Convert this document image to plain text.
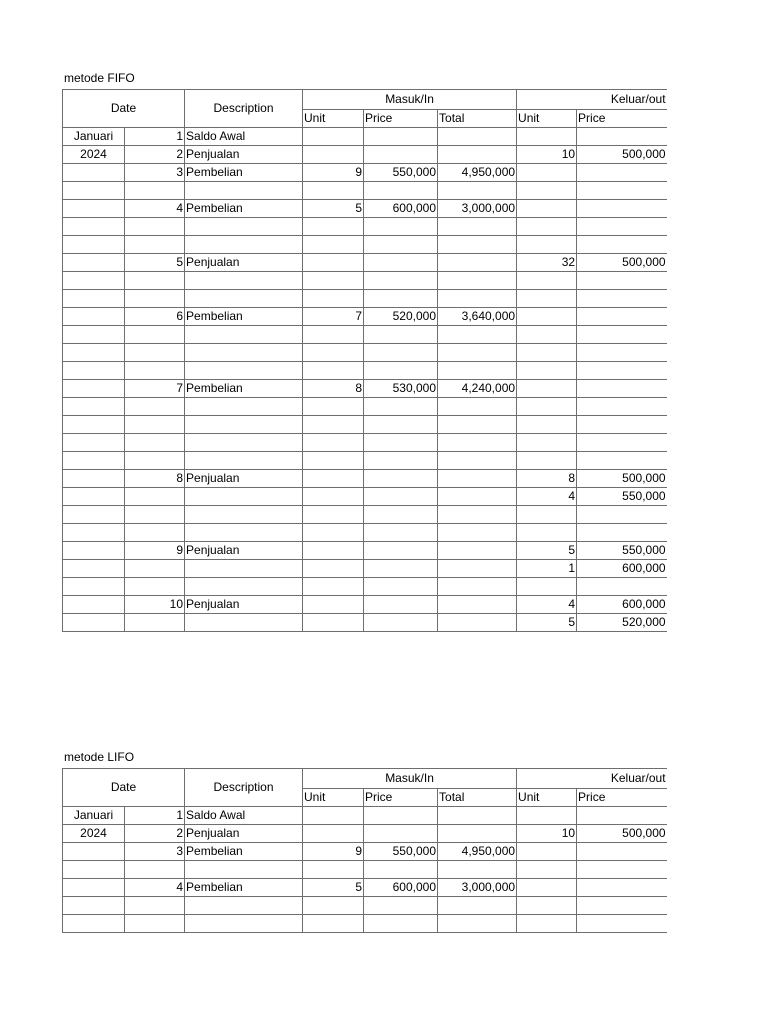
metode FIFO
Date		Description	Masuk/In			Keluar/out	
			Unit	Price	Total	Unit	Price
Januari	1	Saldo Awal					
2024	2	Penjualan				10	500,000
	3	Pembelian	9	550,000	4,950,000		

	4	Pembelian	5	600,000	3,000,000		

	5	Penjualan				32	500,000

	6	Pembelian	7	520,000	3,640,000		

	7	Pembelian	8	530,000	4,240,000		

	8	Penjualan				8	500,000
						4	550,000

	9	Penjualan				5	550,000
						1	600,000

	10	Penjualan				4	600,000
						5	520,000
metode LIFO
Date		Description	Masuk/In			Keluar/out	
			Unit	Price	Total	Unit	Price
Januari	1	Saldo Awal					
2024	2	Penjualan				10	500,000
	3	Pembelian	9	550,000	4,950,000		

	4	Pembelian	5	600,000	3,000,000		
